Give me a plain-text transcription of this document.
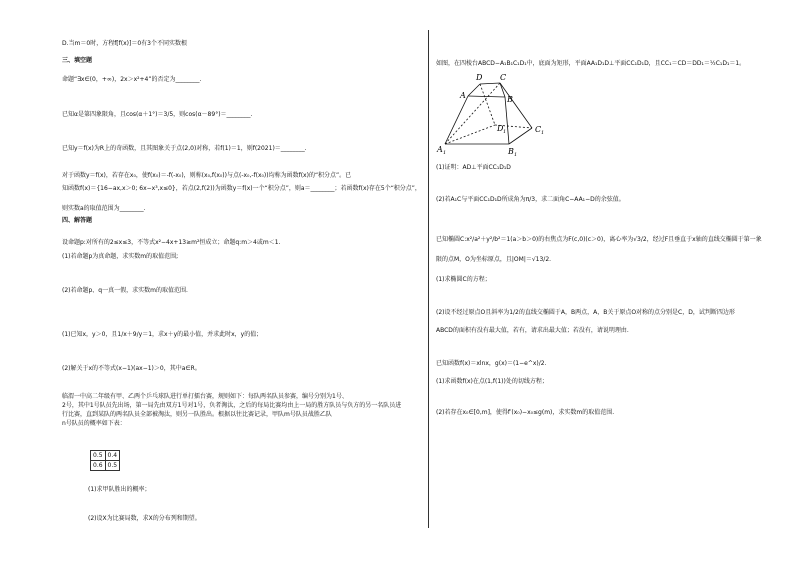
D.当m＝0时，方程f[f(x)]＝0有3个不同实数根
三、填空题
命题“∃x∈(0，+∞)，2x＞x²+4”的否定为________.
已知α是第四象限角，且cos(α＋1°)＝3/5，则cos(α－89°)＝________.
已知y＝f(x)为R上的奇函数，且其图象关于点(2,0)对称，若f(1)＝1，则f(2021)＝________.
对于函数y＝f(x)，若存在x₀，使f(x₀)＝-f(-x₀)，则称(x₀,f(x₀))与点(-x₀,-f(x₀))均称为函数f(x)的“积分点”。已
知函数f(x)＝{16−ax,x＞0; 6x−x³,x≤0}，若点(2,f(2))为函数y＝f(x)一个“积分点”，则a＝________；若函数f(x)存在5个“积分点”，
则实数a的取值范围为________.
四、解答题
设命题p:对所有的2≤x≤3，不等式x²−4x+13≥m²恒成立；命题q:m＞4或m＜1.
(1)若命题p为真命题，求实数m的取值范围;
(2)若命题p、q一真一假，求实数m的取值范围.
(1)已知x，y＞0，且1/x＋9/y＝1，求x＋y的最小值，并求此时x，y的值；
(2)解关于x的不等式(x−1)(ax−1)＞0，其中a∈R。
临渭一中高二年级有甲、乙两个乒乓球队进行单打擂台赛，规则如下：每队两名队员参赛，编号分别为1号、
2号，其中1号队员先出场，第一局先由双方1号对1号，负者淘汰，之后的每局比赛均由上一局的胜方队员与负方的另一名队员进
行比赛，直到某队的两名队员全部被淘汰，则另一队胜出。根据以往比赛记录，甲队m号队员战胜乙队
n号队员的概率如下表：
0.5	0.4
0.6	0.5
(1)求甲队胜出的概率；
(2)设X为比赛局数，求X的分布列和期望。
如图，在四棱台ABCD−A₁B₁C₁D₁中，底面为矩形，平面AA₁D₁D⊥平面CC₁D₁D，且CC₁＝CD＝DD₁＝½C₁D₁＝1。
D C
A	B
D 1	C 1
A 1	B 1
(1)证明：AD⊥平面CC₁D₁D
(2)若A₁C与平面CC₁D₁D所成角为π/3，求二面角C−AA₁−D的余弦值。
已知椭圆C:x²/a²＋y²/b²＝1(a＞b＞0)的右焦点为F(c,0)(c＞0)，离心率为√3/2，经过F且垂直于x轴的直线交椭圆于第一象
限的点M，O为坐标原点，且|OM|＝√13/2.
(1)求椭圆C的方程；
(2)设不经过原点O且斜率为1/2的直线交椭圆于A，B两点，A，B关于原点O对称的点分别是C，D，试判断四边形
ABCD的面积有没有最大值，若有，请求出最大值；若没有，请说明理由.
已知函数f(x)＝xlnx，g(x)＝(1−e^x)/2.
(1)求函数f(x)在点(1,f(1))处的切线方程；
(2)若存在x₀∈[0,m]，使得f′(x₀)−x₀≤g(m)，求实数m的取值范围.
